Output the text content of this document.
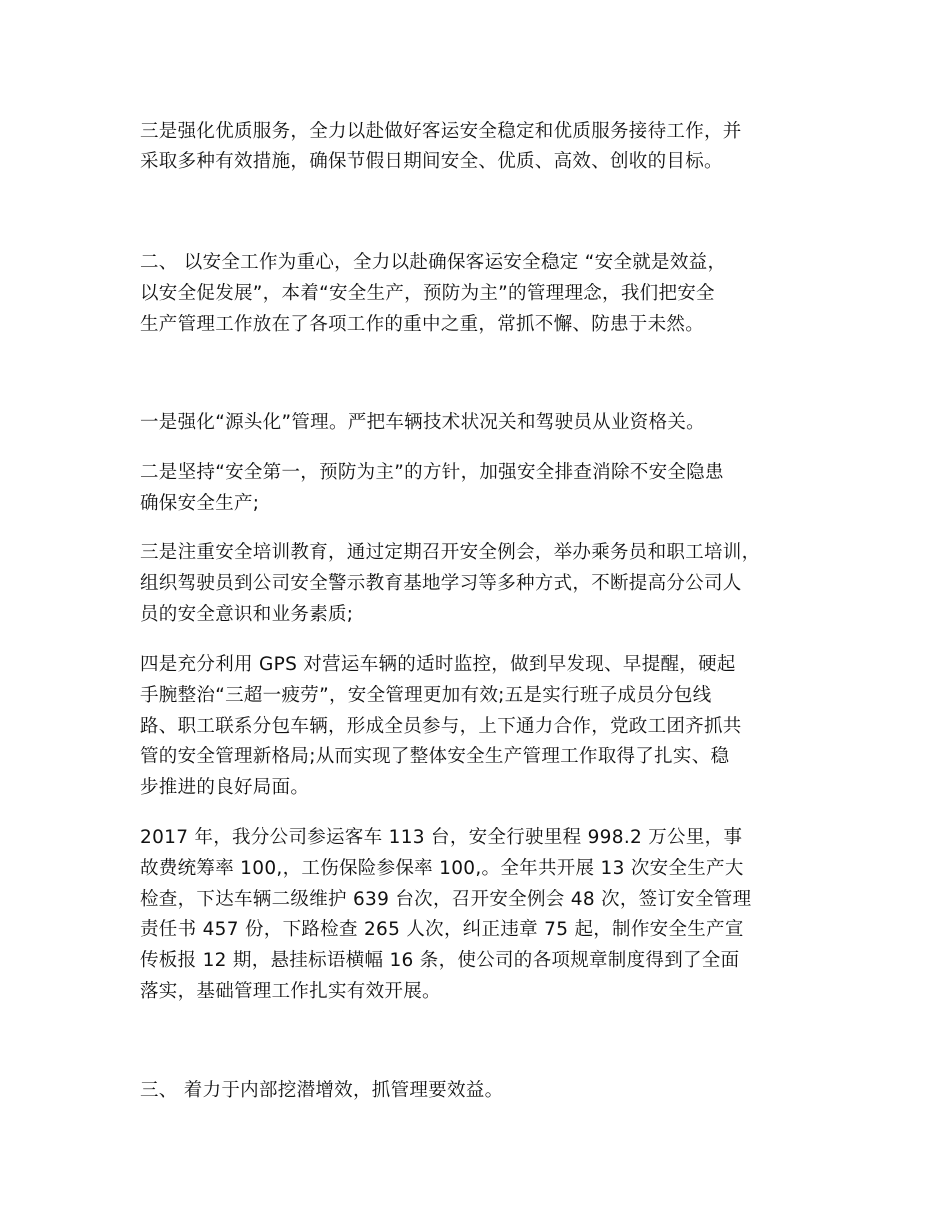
三是强化优质服务，全力以赴做好客运安全稳定和优质服务接待工作，并
采取多种有效措施，确保节假日期间安全、优质、高效、创收的目标。
二、 以安全工作为重心，全力以赴确保客运安全稳定 “安全就是效益，
以安全促发展”，本着“安全生产，预防为主”的管理理念，我们把安全
生产管理工作放在了各项工作的重中之重，常抓不懈、防患于未然。
一是强化“源头化”管理。严把车辆技术状况关和驾驶员从业资格关。
二是坚持“安全第一，预防为主”的方针，加强安全排查消除不安全隐患
确保安全生产;
三是注重安全培训教育，通过定期召开安全例会，举办乘务员和职工培训，
组织驾驶员到公司安全警示教育基地学习等多种方式，不断提高分公司人
员的安全意识和业务素质;
四是充分利用 GPS 对营运车辆的适时监控，做到早发现、早提醒，硬起
手腕整治“三超一疲劳”，安全管理更加有效;五是实行班子成员分包线
路、职工联系分包车辆，形成全员参与，上下通力合作，党政工团齐抓共
管的安全管理新格局;从而实现了整体安全生产管理工作取得了扎实、稳
步推进的良好局面。
2017 年，我分公司参运客车 113 台，安全行驶里程 998.2 万公里，事
故费统筹率 100,，工伤保险参保率 100,。全年共开展 13 次安全生产大
检查，下达车辆二级维护 639 台次，召开安全例会 48 次，签订安全管理
责任书 457 份，下路检查 265 人次，纠正违章 75 起，制作安全生产宣
传板报 12 期，悬挂标语横幅 16 条，使公司的各项规章制度得到了全面
落实，基础管理工作扎实有效开展。
三、 着力于内部挖潜增效，抓管理要效益。
